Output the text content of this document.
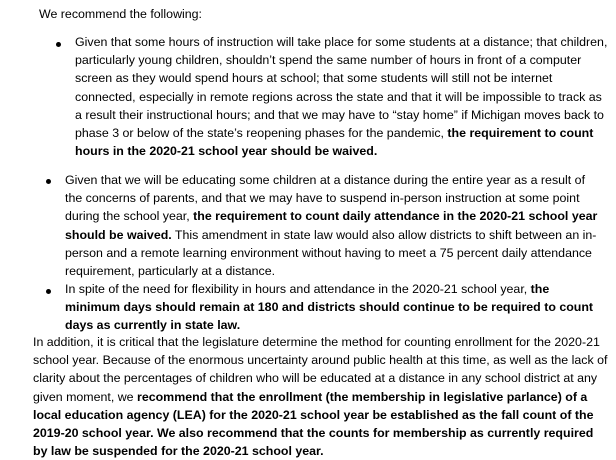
We recommend the following:
Given that some hours of instruction will take place for some students at a distance; that children, particularly young children, shouldn’t spend the same number of hours in front of a computer screen as they would spend hours at school; that some students will still not be internet connected, especially in remote regions across the state and that it will be impossible to track as a result their instructional hours; and that we may have to “stay home” if Michigan moves back to phase 3 or below of the state’s reopening phases for the pandemic, the requirement to count hours in the 2020-21 school year should be waived.
Given that we will be educating some children at a distance during the entire year as a result of the concerns of parents, and that we may have to suspend in-person instruction at some point during the school year, the requirement to count daily attendance in the 2020-21 school year should be waived. This amendment in state law would also allow districts to shift between an in-person and a remote learning environment without having to meet a 75 percent daily attendance requirement, particularly at a distance.
In spite of the need for flexibility in hours and attendance in the 2020-21 school year, the minimum days should remain at 180 and districts should continue to be required to count days as currently in state law.
In addition, it is critical that the legislature determine the method for counting enrollment for the 2020-21 school year. Because of the enormous uncertainty around public health at this time, as well as the lack of clarity about the percentages of children who will be educated at a distance in any school district at any given moment, we recommend that the enrollment (the membership in legislative parlance) of a local education agency (LEA) for the 2020-21 school year be established as the fall count of the 2019-20 school year. We also recommend that the counts for membership as currently required by law be suspended for the 2020-21 school year.
